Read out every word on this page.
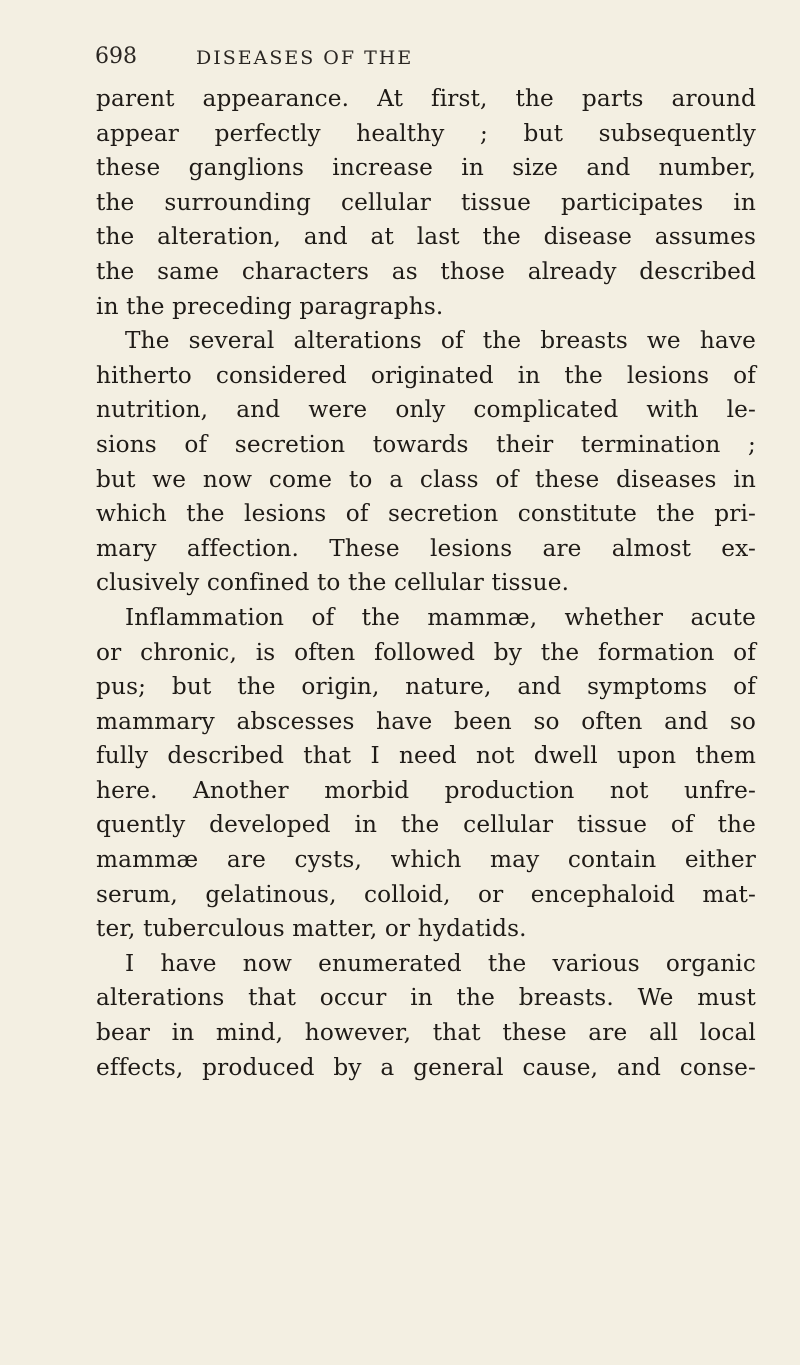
698	DISEASES OF THE
parent appearance. At first, the parts around
appear perfectly healthy ; but subsequently
these ganglions increase in size and number,
the surrounding cellular tissue participates in
the alteration, and at last the disease assumes
the same characters as those already described
in the preceding paragraphs.
The several alterations of the breasts we have
hitherto considered originated in the lesions of
nutrition, and were only complicated with le-
sions of secretion towards their termination ;
but we now come to a class of these diseases in
which the lesions of secretion constitute the pri-
mary affection. These lesions are almost ex-
clusively confined to the cellular tissue.
Inflammation of the mammæ, whether acute
or chronic, is often followed by the formation of
pus; but the origin, nature, and symptoms of
mammary abscesses have been so often and so
fully described that I need not dwell upon them
here. Another morbid production not unfre-
quently developed in the cellular tissue of the
mammæ are cysts, which may contain either
serum, gelatinous, colloid, or encephaloid mat-
ter, tuberculous matter, or hydatids.
I have now enumerated the various organic
alterations that occur in the breasts. We must
bear in mind, however, that these are all local
effects, produced by a general cause, and conse-
